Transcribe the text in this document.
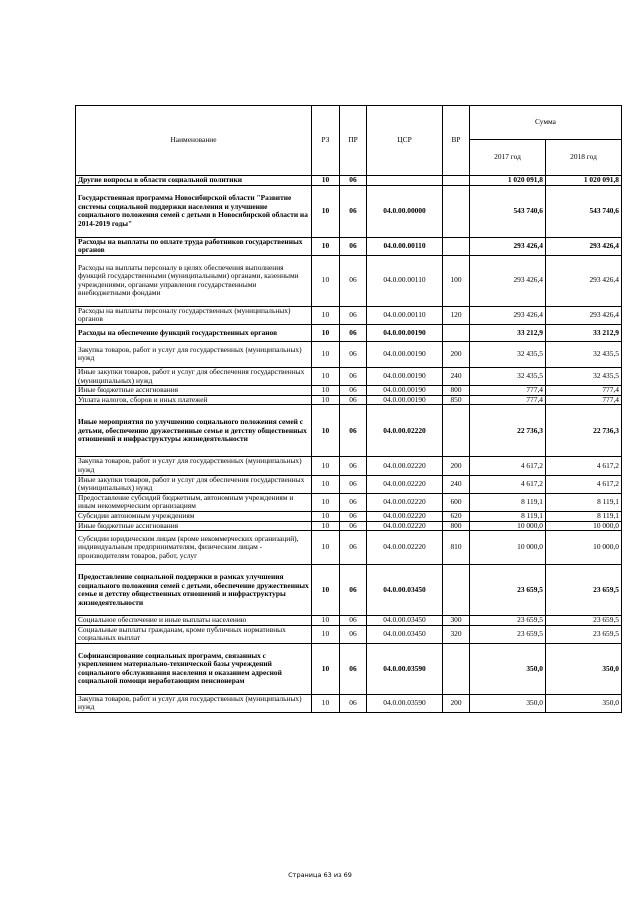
Наименование	РЗ	ПР	ЦСР	ВР	Сумма	
					2017 год	2018 год
Другие вопросы в области социальной политики	10	06			1 020 091,8	1 020 091,8
Государственная программа Новосибирской области "Развитие системы социальной поддержки населения и улучшение социального положения семей с детьми в Новосибирской области на 2014-2019 годы"	10	06	04.0.00.00000		543 740,6	543 740,6
Расходы на выплаты по оплате труда работников государственных органов	10	06	04.0.00.00110		293 426,4	293 426,4
Расходы на выплаты персоналу в целях обеспечения выполнения функций государственными (муниципальными) органами, казенными учреждениями, органами управления государственными внебюджетными фондами	10	06	04.0.00.00110	100	293 426,4	293 426,4
Расходы на выплаты персоналу государственных (муниципальных) органов	10	06	04.0.00.00110	120	293 426,4	293 426,4
Расходы на обеспечение функций государственных органов	10	06	04.0.00.00190		33 212,9	33 212,9
Закупка товаров, работ и услуг для государственных (муниципальных) нужд	10	06	04.0.00.00190	200	32 435,5	32 435,5
Иные закупки товаров, работ и услуг для обеспечения государственных (муниципальных) нужд	10	06	04.0.00.00190	240	32 435,5	32 435,5
Иные бюджетные ассигнования	10	06	04.0.00.00190	800	777,4	777,4
Уплата налогов, сборов и иных платежей	10	06	04.0.00.00190	850	777,4	777,4
Иные мероприятия по улучшению социального положения семей с детьми, обеспечению дружественные семье и детству общественных отношений и инфраструктуры жизнедеятельности	10	06	04.0.00.02220		22 736,3	22 736,3
Закупка товаров, работ и услуг для государственных (муниципальных) нужд	10	06	04.0.00.02220	200	4 617,2	4 617,2
Иные закупки товаров, работ и услуг для обеспечения государственных (муниципальных) нужд	10	06	04.0.00.02220	240	4 617,2	4 617,2
Предоставление субсидий бюджетным, автономным учреждениям и иным некоммерческим организациям	10	06	04.0.00.02220	600	8 119,1	8 119,1
Субсидии автономным учреждениям	10	06	04.0.00.02220	620	8 119,1	8 119,1
Иные бюджетные ассигнования	10	06	04.0.00.02220	800	10 000,0	10 000,0
Субсидии юридическим лицам (кроме некоммерческих организаций), индивидуальным предпринимателям, физическим лицам - производителям товаров, работ, услуг	10	06	04.0.00.02220	810	10 000,0	10 000,0
Предоставление социальной поддержки в рамках улучшения социального положения семей с детьми, обеспечение дружественных семье и детству общественных отношений и инфраструктуры жизнедеятельности	10	06	04.0.00.03450		23 659,5	23 659,5
Социальное обеспечение и иные выплаты населению	10	06	04.0.00.03450	300	23 659,5	23 659,5
Социальные выплаты гражданам, кроме публичных нормативных социальных выплат	10	06	04.0.00.03450	320	23 659,5	23 659,5
Софинансирование социальных программ, связанных с укреплением материально-технической базы учреждений социального обслуживания населения и оказанием адресной социальной помощи неработающим пенсионерам	10	06	04.0.00.03590		350,0	350,0
Закупка товаров, работ и услуг для государственных (муниципальных) нужд	10	06	04.0.00.03590	200	350,0	350,0
Страница 63 из 69
